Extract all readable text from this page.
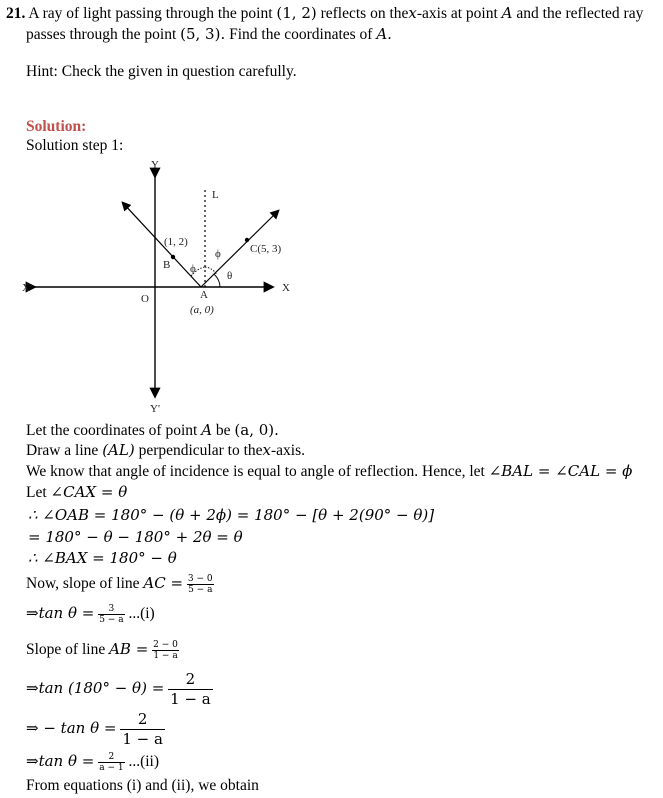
21. A ray of light passing through the point (1, 2) reflects on thex-axis at point A and the reflected ray
passes through the point (5, 3). Find the coordinates of A.
Hint: Check the given in question carefully.
Solution:
Solution step 1:
Y
Y'
X
X'
O
L
(1, 2)
B
C(5, 3)
ϕ
ϕ
θ
A
(a, 0)
Let the coordinates of point A be (a, 0).
Draw a line (AL) perpendicular to thex-axis.
We know that angle of incidence is equal to angle of reflection. Hence, let ∠BAL = ∠CAL = ϕ
Let ∠CAX = θ
∴ ∠OAB = 180° − (θ + 2ϕ) = 180° − [θ + 2(90° − θ)]
= 180° − θ − 180° + 2θ = θ
∴ ∠BAX = 180° − θ
Now, slope of line AC = $\frac{3 - 0}{5 - a}$
⇒tan $\theta = \frac{3}{5 - a} ...(i)$
Slope of line AB = $\frac{2 - 0}{1 - a}$
⇒tan $(180^\circ - \theta) = \frac{2}{1 - a}$
⇒ − $\tan \theta = \frac{2}{1 - a}$
⇒tan $\theta = \frac{2}{a - 1} ...(ii)$
From equations (i) and (ii), we obtain
